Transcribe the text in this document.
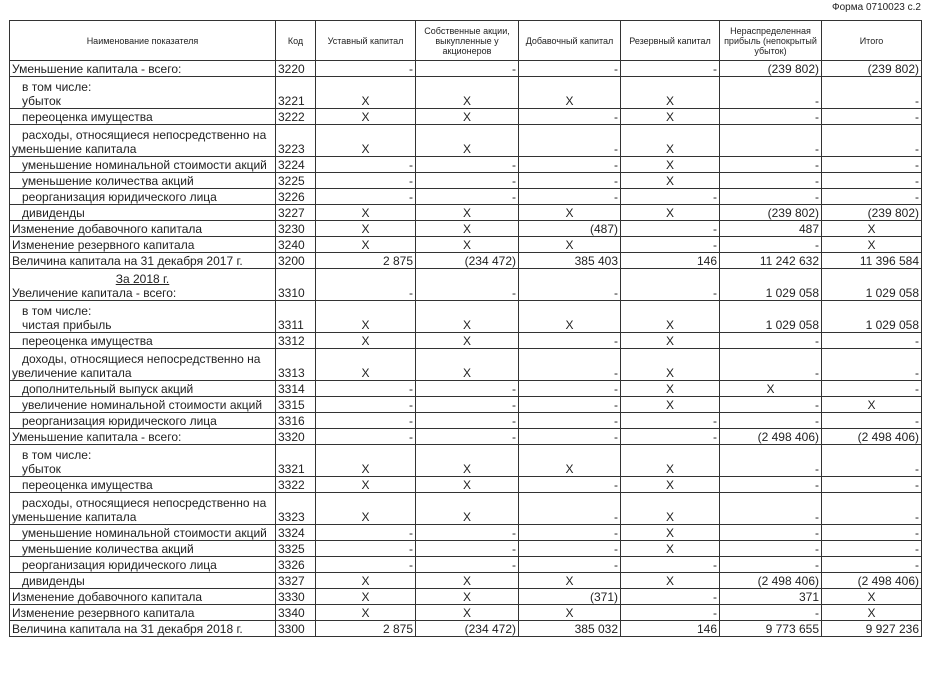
Форма 0710023 с.2
Наименование показателя	Код	Уставный капитал	Собственные акции, выкупленные у акционеров	Добавочный капитал	Резервный капитал	Нераспределенная прибыль (непокрытый убыток)	Итого
Уменьшение капитала - всего:	3220	-	-	-	-	(239 802)	(239 802)

в том числе:
убыток	3221	X	X	X	X	-	-
переоценка имущества	3222	X	X	-	X	-	-

расходы, относящиеся непосредственно на
уменьшение капитала	3223	X	X	-	X	-	-
уменьшение номинальной стоимости акций	3224	-	-	-	X	-	-
уменьшение количества акций	3225	-	-	-	X	-	-
реорганизация юридического лица	3226	-	-	-	-	-	-
дивиденды	3227	X	X	X	X	(239 802)	(239 802)
Изменение добавочного капитала	3230	X	X	(487)	-	487	X
Изменение резервного капитала	3240	X	X	X	-	-	X
Величина капитала на 31 декабря 2017 г.	3200	2 875	(234 472)	385 403	146	11 242 632	11 396 584

За 2018 г.
Увеличение капитала - всего:	3310	-	-	-	-	1 029 058	1 029 058

в том числе:
чистая прибыль	3311	X	X	X	X	1 029 058	1 029 058
переоценка имущества	3312	X	X	-	X	-	-

доходы, относящиеся непосредственно на
увеличение капитала	3313	X	X	-	X	-	-
дополнительный выпуск акций	3314	-	-	-	X	X	-
увеличение номинальной стоимости акций	3315	-	-	-	X	-	X
реорганизация юридического лица	3316	-	-	-	-	-	-
Уменьшение капитала - всего:	3320	-	-	-	-	(2 498 406)	(2 498 406)

в том числе:
убыток	3321	X	X	X	X	-	-
переоценка имущества	3322	X	X	-	X	-	-

расходы, относящиеся непосредственно на
уменьшение капитала	3323	X	X	-	X	-	-
уменьшение номинальной стоимости акций	3324	-	-	-	X	-	-
уменьшение количества акций	3325	-	-	-	X	-	-
реорганизация юридического лица	3326	-	-	-	-	-	-
дивиденды	3327	X	X	X	X	(2 498 406)	(2 498 406)
Изменение добавочного капитала	3330	X	X	(371)	-	371	X
Изменение резервного капитала	3340	X	X	X	-	-	X
Величина капитала на 31 декабря 2018 г.	3300	2 875	(234 472)	385 032	146	9 773 655	9 927 236
